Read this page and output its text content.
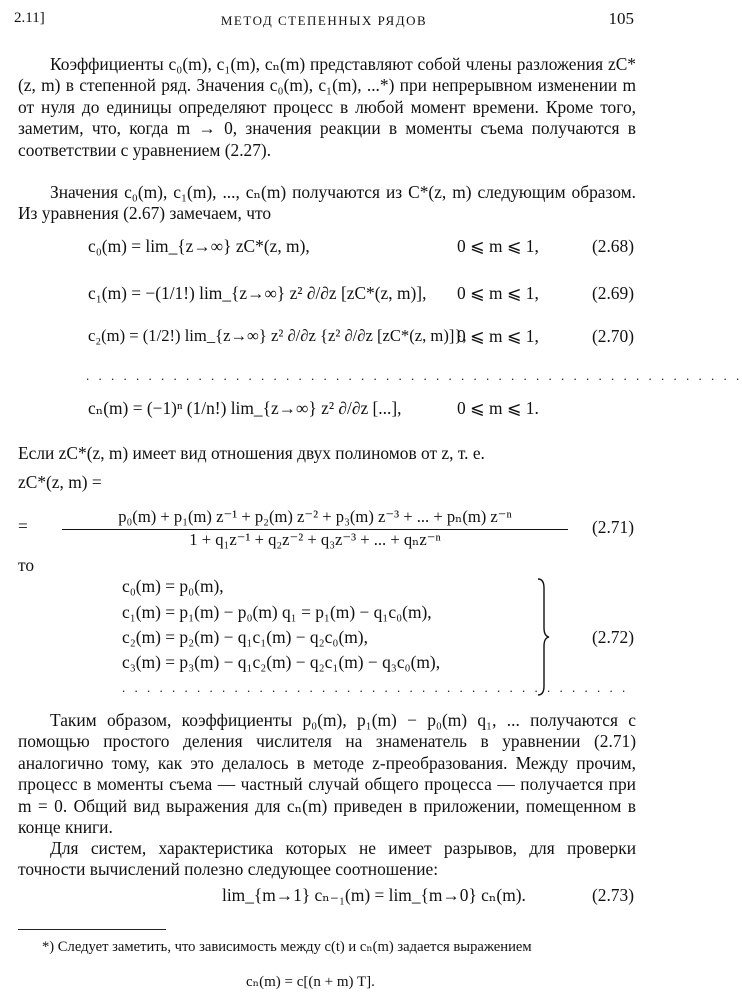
2.11]	МЕТОД СТЕПЕННЫХ РЯДОВ	105

Коэффициенты c₀(m), c₁(m), cₙ(m) представляют собой члены разложения zC*(z, m) в степенной ряд. Значения c₀(m), c₁(m), ...*) при непрерывном изменении m от нуля до единицы определяют процесс в любой момент времени. Кроме того, заметим, что, когда m → 0, значения реакции в моменты съема получаются в соответствии с уравнением (2.27).

Значения c₀(m), c₁(m), ..., cₙ(m) получаются из C*(z, m) следующим образом. Из уравнения (2.67) замечаем, что

c₀(m) = lim_{z→∞} zC*(z, m),	0 ⩽ m ⩽ 1,	(2.68)
c₁(m) = −(1/1!) lim_{z→∞} z² ∂/∂z [zC*(z, m)], 0 ⩽ m ⩽ 1,	(2.69)
c₂(m) = (1/2!) lim_{z→∞} z² ∂/∂z {z² ∂/∂z [zC*(z, m)]},
0 ⩽ m ⩽ 1,	(2.70)
. . . . . . . . . . . . . . . . . . . . . . . . . . . . . . . . . . . . . . . . . . . . . . . . . . . . .
cₙ(m) = (−1)ⁿ (1/n!) lim_{z→∞} z² ∂/∂z [...],	0 ⩽ m ⩽ 1.

Если zC*(z, m) имеет вид отношения двух полиномов от z, т. е.

zC*(z, m) =

=	p₀(m) + p₁(m) z⁻¹ + p₂(m) z⁻² + p₃(m) z⁻³ + ... + pₙ(m) z⁻ⁿ
1 + q₁z⁻¹ + q₂z⁻² + q₃z⁻³ + ... + qₙz⁻ⁿ
(2.71)
то
c₀(m) = p₀(m),
c₁(m) = p₁(m) − p₀(m) q₁ = p₁(m) − q₁c₀(m),
c₂(m) = p₂(m) − q₁c₁(m) − q₂c₀(m),
c₃(m) = p₃(m) − q₁c₂(m) − q₂c₁(m) − q₃c₀(m),
. . . . . . . . . . . . . . . . . . . . . . . . . . . . . . . . . . . . . . . . .
(2.72)

Таким образом, коэффициенты p₀(m), p₁(m) − p₀(m) q₁, ... получаются с помощью простого деления числителя на знаменатель в уравнении (2.71) аналогично тому, как это делалось в методе z-преобразования. Между прочим, процесс в моменты съема — частный случай общего процесса — получается при m = 0. Общий вид выражения для cₙ(m) приведен в приложении, помещенном в конце книги.

Для систем, характеристика которых не имеет разрывов, для проверки точности вычислений полезно следующее соотношение:

lim_{m→1} cₙ₋₁(m) = lim_{m→0} cₙ(m).	(2.73)

*) Следует заметить, что зависимость между c(t) и cₙ(m) задается выражением

cₙ(m) = c[(n + m) T].
